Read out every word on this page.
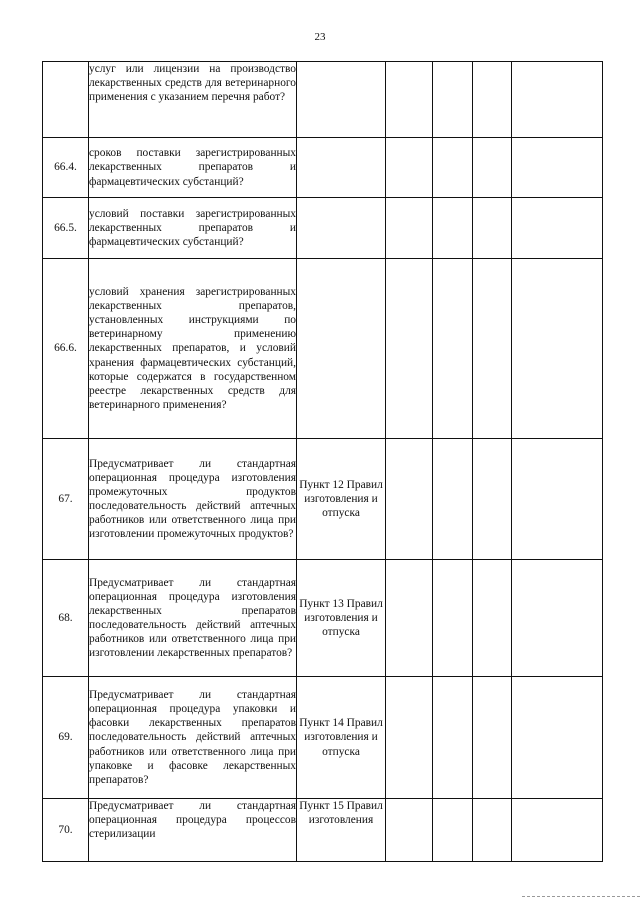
23
	услуг или лицензии на производство лекарственных средств для ветеринарного применения с указанием перечня работ?					
66.4.	сроков поставки зарегистрированных лекарственных препаратов и фармацевтических субстанций?					
66.5.	условий поставки зарегистрированных лекарственных препаратов и фармацевтических субстанций?					
66.6.	условий хранения зарегистрированных лекарственных препаратов, установленных инструкциями по ветеринарному применению лекарственных препаратов, и условий хранения фармацевтических субстанций, которые содержатся в государственном реестре лекарственных средств для ветеринарного применения?					
67.	Предусматривает ли стандартная операционная процедура изготовления промежуточных продуктов последовательность действий аптечных работников или ответственного лица при изготовлении промежуточных продуктов?	Пункт 12 Правил изготовления и отпуска				
68.	Предусматривает ли стандартная операционная процедура изготовления лекарственных препаратов последовательность действий аптечных работников или ответственного лица при изготовлении лекарственных препаратов?	Пункт 13 Правил изготовления и отпуска				
69.	Предусматривает ли стандартная операционная процедура упаковки и фасовки лекарственных препаратов последовательность действий аптечных работников или ответственного лица при упаковке и фасовке лекарственных препаратов?	Пункт 14 Правил изготовления и отпуска				
70.	Предусматривает ли стандартная операционная процедура процессов стерилизации	Пункт 15 Правил изготовления				
